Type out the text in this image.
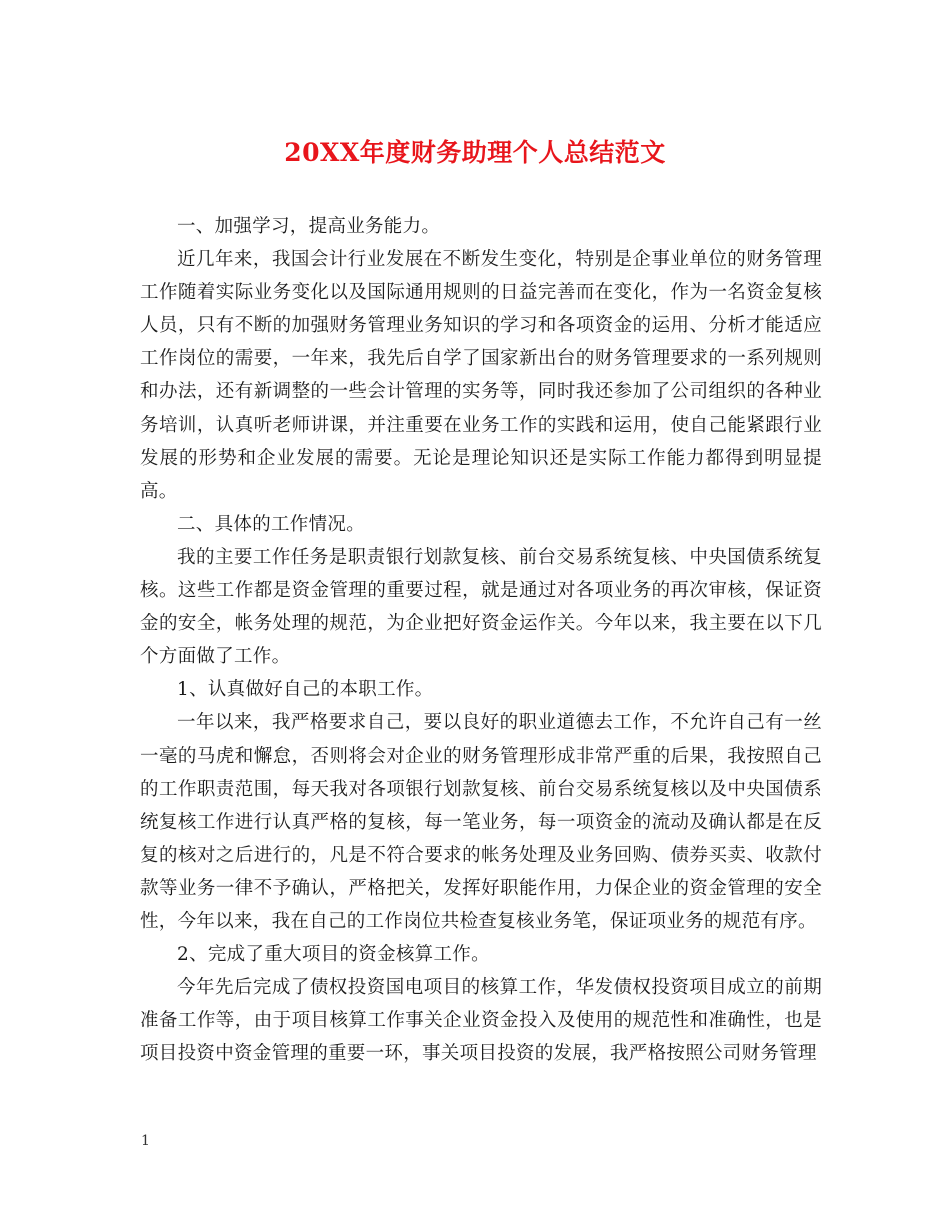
20XX年度财务助理个人总结范文

一、加强学习，提高业务能力。

近几年来，我国会计行业发展在不断发生变化，特别是企事业单位的财务管理工作随着实际业务变化以及国际通用规则的日益完善而在变化，作为一名资金复核人员，只有不断的加强财务管理业务知识的学习和各项资金的运用、分析才能适应工作岗位的需要，一年来，我先后自学了国家新出台的财务管理要求的一系列规则和办法，还有新调整的一些会计管理的实务等，同时我还参加了公司组织的各种业务培训，认真听老师讲课，并注重要在业务工作的实践和运用，使自己能紧跟行业发展的形势和企业发展的需要。无论是理论知识还是实际工作能力都得到明显提高。

二、具体的工作情况。

我的主要工作任务是职责银行划款复核、前台交易系统复核、中央国债系统复核。这些工作都是资金管理的重要过程，就是通过对各项业务的再次审核，保证资金的安全，帐务处理的规范，为企业把好资金运作关。今年以来，我主要在以下几个方面做了工作。

1、认真做好自己的本职工作。

一年以来，我严格要求自己，要以良好的职业道德去工作，不允许自己有一丝一毫的马虎和懈怠，否则将会对企业的财务管理形成非常严重的后果，我按照自己的工作职责范围，每天我对各项银行划款复核、前台交易系统复核以及中央国债系统复核工作进行认真严格的复核，每一笔业务，每一项资金的流动及确认都是在反复的核对之后进行的，凡是不符合要求的帐务处理及业务回购、债券买卖、收款付款等业务一律不予确认，严格把关，发挥好职能作用，力保企业的资金管理的安全性，今年以来，我在自己的工作岗位共检查复核业务笔，保证项业务的规范有序。

2、完成了重大项目的资金核算工作。

今年先后完成了债权投资国电项目的核算工作，华发债权投资项目成立的前期准备工作等，由于项目核算工作事关企业资金投入及使用的规范性和准确性，也是项目投资中资金管理的重要一环，事关项目投资的发展，我严格按照公司财务管理

1
